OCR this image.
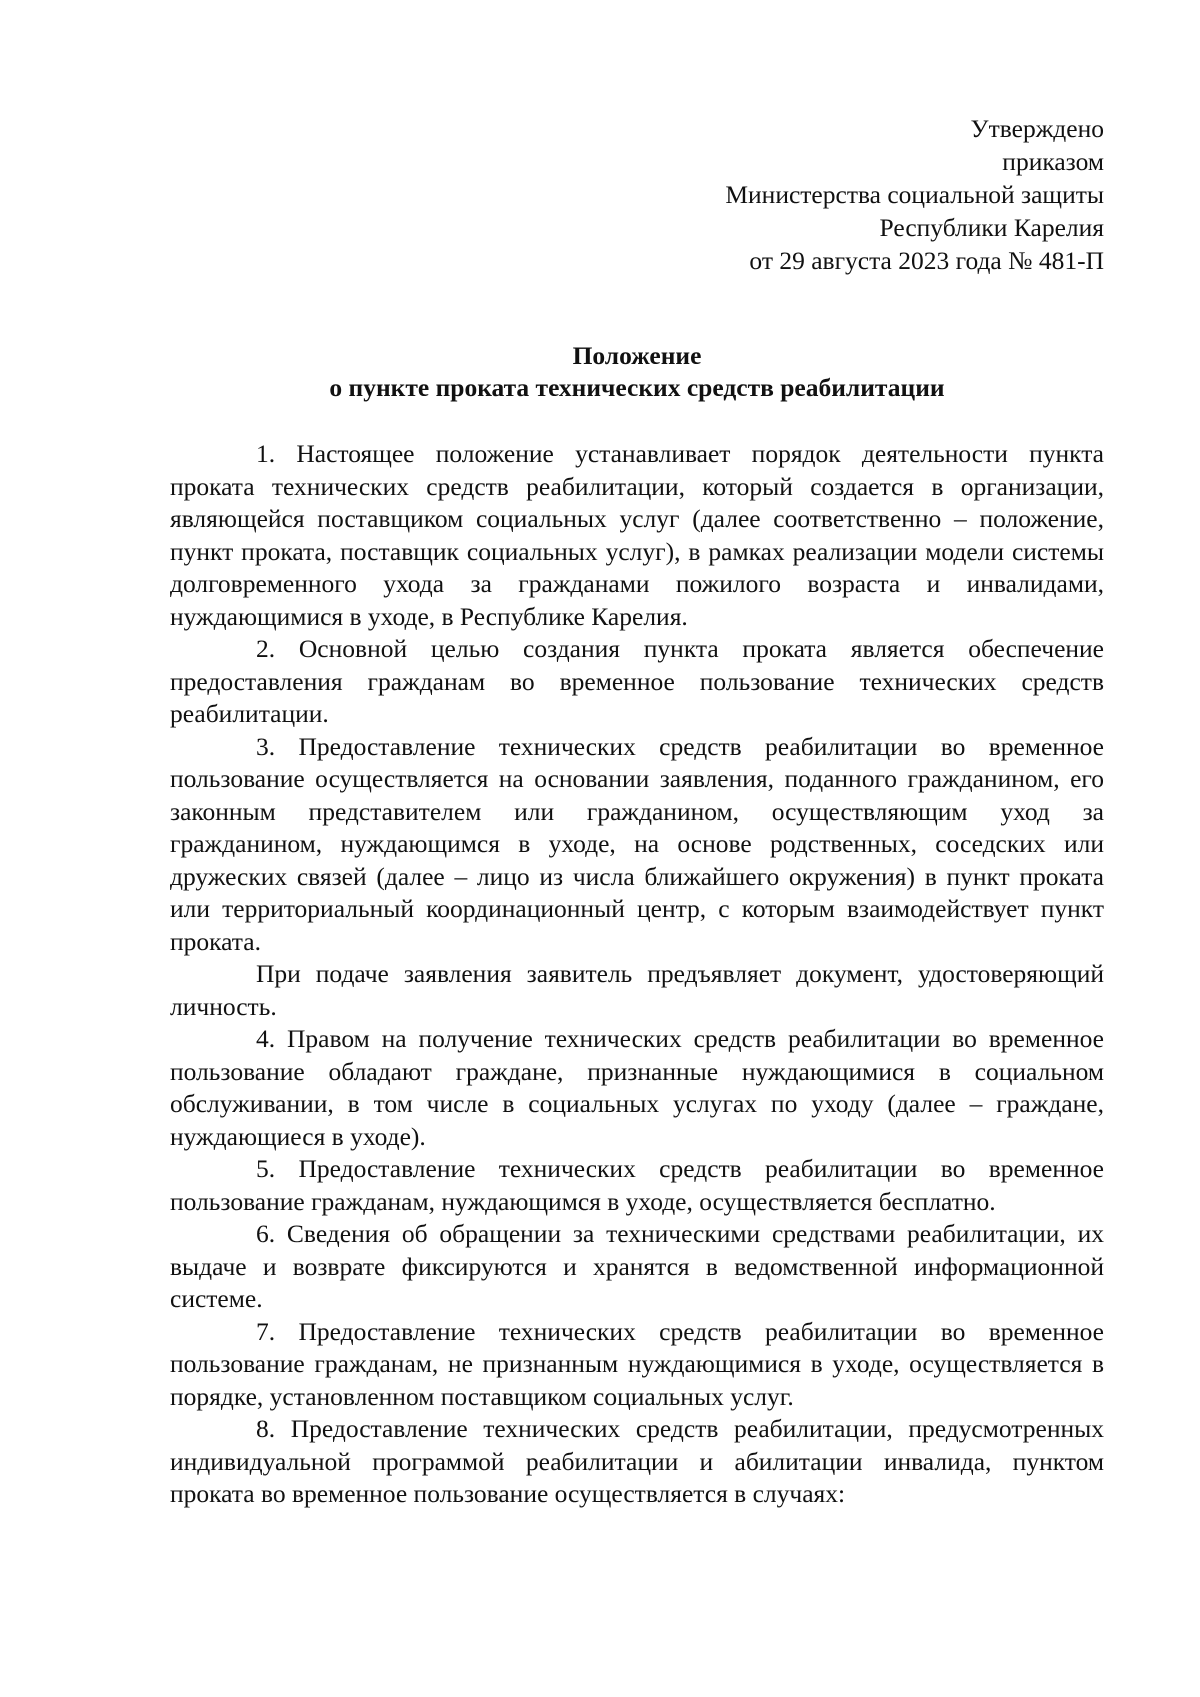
Утверждено
приказом
Министерства социальной защиты
Республики Карелия
от 29 августа 2023 года № 481-П
Положение
о пункте проката технических средств реабилитации

1. Настоящее положение устанавливает порядок деятельности пункта проката технических средств реабилитации, который создается в организации, являющейся поставщиком социальных услуг (далее соответственно – положение, пункт проката, поставщик социальных услуг), в рамках реализации модели системы долговременного ухода за гражданами пожилого возраста и инвалидами, нуждающимися в уходе, в Республике Карелия.

2. Основной целью создания пункта проката является обеспечение предоставления гражданам во временное пользование технических средств реабилитации.

3. Предоставление технических средств реабилитации во временное пользование осуществляется на основании заявления, поданного гражданином, его законным представителем или гражданином, осуществляющим уход за гражданином, нуждающимся в уходе, на основе родственных, соседских или дружеских связей (далее – лицо из числа ближайшего окружения) в пункт проката или территориальный координационный центр, с которым взаимодействует пункт проката.

При подаче заявления заявитель предъявляет документ, удостоверяющий личность.

4. Правом на получение технических средств реабилитации во временное пользование обладают граждане, признанные нуждающимися в социальном обслуживании, в том числе в социальных услугах по уходу (далее – граждане, нуждающиеся в уходе).

5. Предоставление технических средств реабилитации во временное пользование гражданам, нуждающимся в уходе, осуществляется бесплатно.

6. Сведения об обращении за техническими средствами реабилитации, их выдаче и возврате фиксируются и хранятся в ведомственной информационной системе.

7. Предоставление технических средств реабилитации во временное пользование гражданам, не признанным нуждающимися в уходе, осуществляется в порядке, установленном поставщиком социальных услуг.

8. Предоставление технических средств реабилитации, предусмотренных индивидуальной программой реабилитации и абилитации инвалида, пунктом проката во временное пользование осуществляется в случаях:
